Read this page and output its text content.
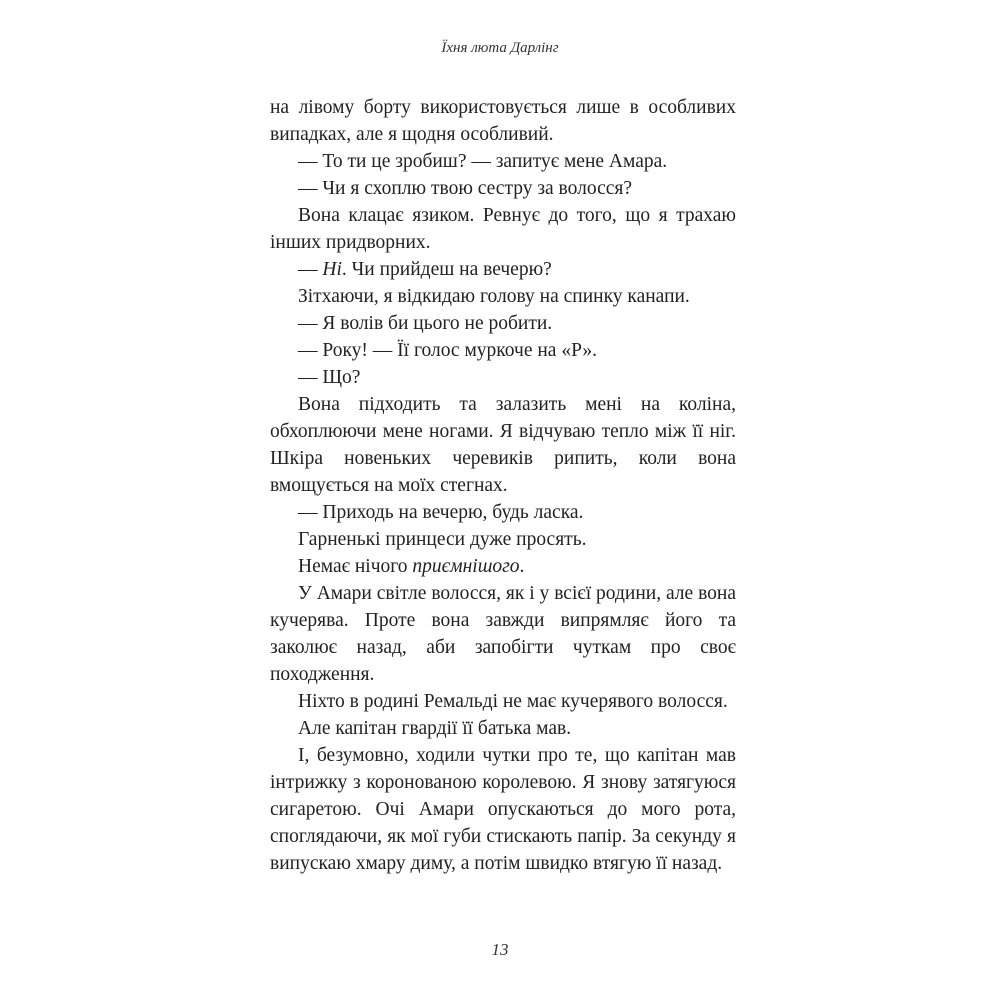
Їхня люта Дарлінг

на лівому борту використовується лише в особливих випадках, але я щодня особливий.

— То ти це зробиш? — запитує мене Амара.

— Чи я схоплю твою сестру за волосся?

Вона клацає язиком. Ревнує до того, що я трахаю інших придворних.

— Ні. Чи прийдеш на вечерю?

Зітхаючи, я відкидаю голову на спинку канапи.

— Я волів би цього не робити.

— Року! — Її голос муркоче на «Р».

— Що?

Вона підходить та залазить мені на коліна, обхоплюючи мене ногами. Я відчуваю тепло між її ніг. Шкіра новеньких черевиків рипить, коли вона вмощується на моїх стегнах.

— Приходь на вечерю, будь ласка.

Гарненькі принцеси дуже просять.

Немає нічого приємнішого.

У Амари світле волосся, як і у всієї родини, але вона кучерява. Проте вона завжди випрямляє його та заколює назад, аби запобігти чуткам про своє походження.

Ніхто в родині Ремальді не має кучерявого волосся.

Але капітан гвардії її батька мав.

І, безумовно, ходили чутки про те, що капітан мав інтрижку з коронованою королевою. Я знову затягуюся сигаретою. Очі Амари опускаються до мого рота, споглядаючи, як мої губи стискають папір. За секунду я випускаю хмару диму, а потім швидко втягую її назад.

13
